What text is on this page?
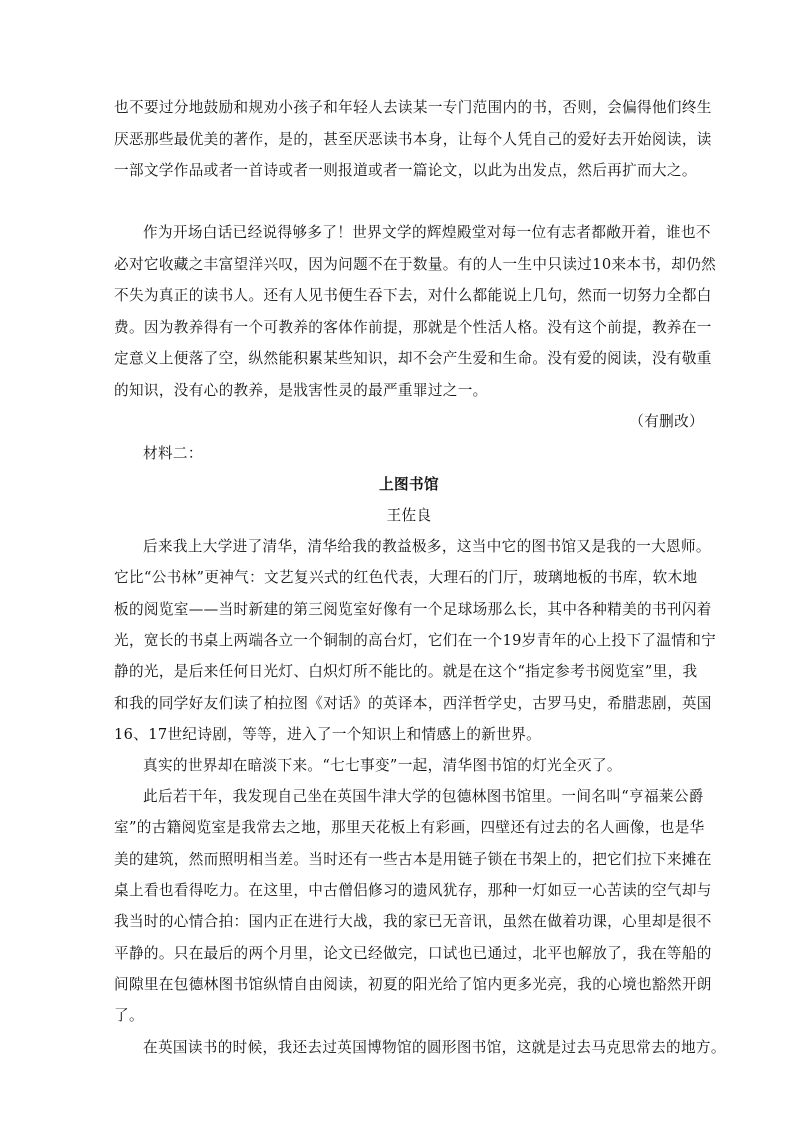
也不要过分地鼓励和规劝小孩子和年轻人去读某一专门范围内的书，否则，会偏得他们终生
厌恶那些最优美的著作，是的，甚至厌恶读书本身，让每个人凭自己的爱好去开始阅读，读
一部文学作品或者一首诗或者一则报道或者一篇论文，以此为出发点，然后再扩而大之。
作为开场白话已经说得够多了！世界文学的辉煌殿堂对每一位有志者都敞开着，谁也不
必对它收藏之丰富望洋兴叹，因为问题不在于数量。有的人一生中只读过10来本书，却仍然
不失为真正的读书人。还有人见书便生吞下去，对什么都能说上几句，然而一切努力全都白
费。因为教养得有一个可教养的客体作前提，那就是个性活人格。没有这个前提，教养在一
定意义上便落了空，纵然能积累某些知识，却不会产生爱和生命。没有爱的阅读，没有敬重
的知识，没有心的教养，是戕害性灵的最严重罪过之一。
（有删改）
材料二：
上图书馆
王佐良
后来我上大学进了清华，清华给我的教益极多，这当中它的图书馆又是我的一大恩师。
它比“公书林”更神气：文艺复兴式的红色代表，大理石的门厅，玻璃地板的书库，软木地
板的阅览室——当时新建的第三阅览室好像有一个足球场那么长，其中各种精美的书刊闪着
光，宽长的书桌上两端各立一个铜制的高台灯，它们在一个19岁青年的心上投下了温情和宁
静的光，是后来任何日光灯、白炽灯所不能比的。就是在这个“指定参考书阅览室”里，我
和我的同学好友们读了柏拉图《对话》的英译本，西洋哲学史，古罗马史，希腊悲剧，英国
16、17世纪诗剧，等等，进入了一个知识上和情感上的新世界。
真实的世界却在暗淡下来。“七七事变”一起，清华图书馆的灯光全灭了。
此后若干年，我发现自己坐在英国牛津大学的包德林图书馆里。一间名叫“亨福莱公爵
室”的古籍阅览室是我常去之地，那里天花板上有彩画，四壁还有过去的名人画像，也是华
美的建筑，然而照明相当差。当时还有一些古本是用链子锁在书架上的，把它们拉下来摊在
桌上看也看得吃力。在这里，中古僧侣修习的遗风犹存，那种一灯如豆一心苦读的空气却与
我当时的心情合拍：国内正在进行大战，我的家已无音讯，虽然在做着功课，心里却是很不
平静的。只在最后的两个月里，论文已经做完，口试也已通过，北平也解放了，我在等船的
间隙里在包德林图书馆纵情自由阅读，初夏的阳光给了馆内更多光亮，我的心境也豁然开朗
了。
在英国读书的时候，我还去过英国博物馆的圆形图书馆，这就是过去马克思常去的地方。
